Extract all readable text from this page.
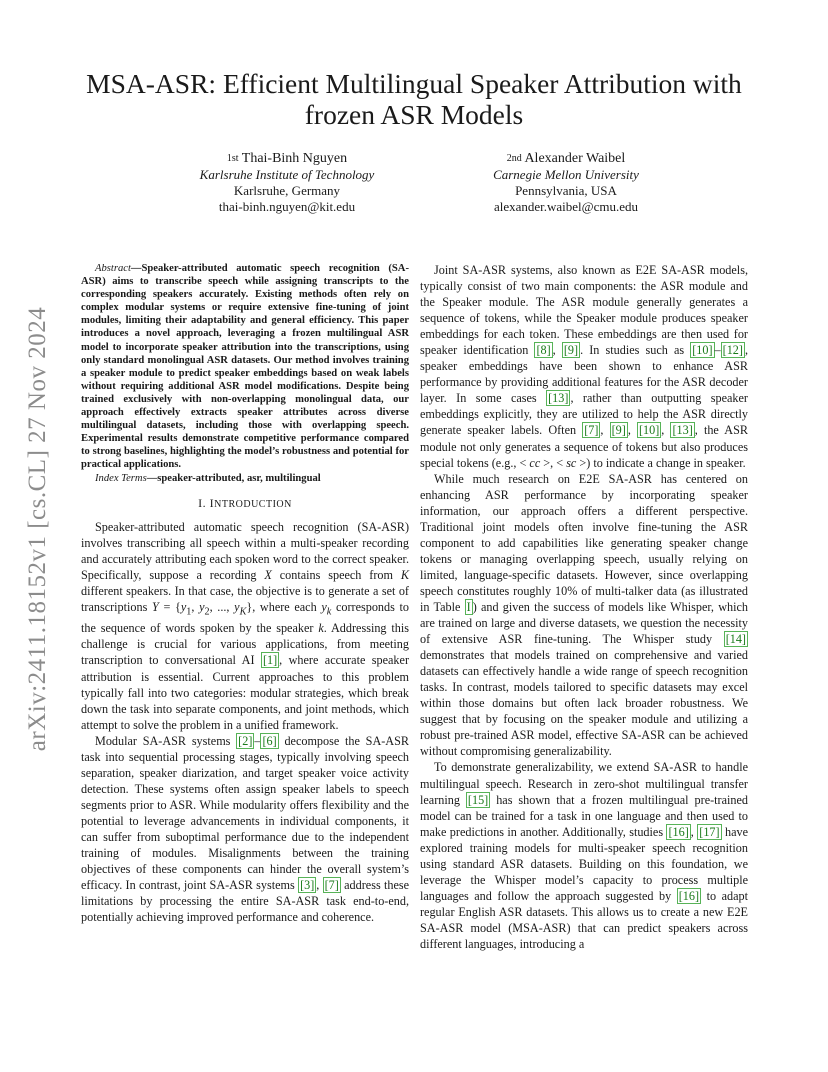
arXiv:2411.18152v1 [cs.CL] 27 Nov 2024
MSA-ASR: Efficient Multilingual Speaker Attribution with frozen ASR Models
$^{1st}$ Thai-Binh Nguyen
Karlsruhe Institute of Technology
Karlsruhe, Germany
thai-binh.nguyen@kit.edu
$^{2nd}$ Alexander Waibel
Carnegie Mellon University
Pennsylvania, USA
alexander.waibel@cmu.edu

Abstract—Speaker-attributed automatic speech recognition (SA-ASR) aims to transcribe speech while assigning transcripts to the corresponding speakers accurately. Existing methods often rely on complex modular systems or require extensive fine-tuning of joint modules, limiting their adaptability and general efficiency. This paper introduces a novel approach, leveraging a frozen multilingual ASR model to incorporate speaker attribution into the transcriptions, using only standard monolingual ASR datasets. Our method involves training a speaker module to predict speaker embeddings based on weak labels without requiring additional ASR model modifications. Despite being trained exclusively with non-overlapping monolingual data, our approach effectively extracts speaker attributes across diverse multilingual datasets, including those with overlapping speech. Experimental results demonstrate competitive performance compared to strong baselines, highlighting the model’s robustness and potential for practical applications.

Index Terms—speaker-attributed, asr, multilingual

I. INTRODUCTION

Speaker-attributed automatic speech recognition (SA-ASR) involves transcribing all speech within a multi-speaker recording and accurately attributing each spoken word to the correct speaker. Specifically, suppose a recording X contains speech from K different speakers. In that case, the objective is to generate a set of transcriptions $Y = \{y_1$, $y_2$, ..., $y_K$}, where each $y_k$ corresponds to the sequence of words spoken by the speaker k. Addressing this challenge is crucial for various applications, from meeting transcription to conversational AI [1] , where accurate speaker attribution is essential. Current approaches to this problem typically fall into two categories: modular strategies, which break down the task into separate components, and joint methods, which attempt to solve the problem in a unified framework.

Modular SA-ASR systems [2] – [6] decompose the SA-ASR task into sequential processing stages, typically involving speech separation, speaker diarization, and target speaker voice activity detection. These systems often assign speaker labels to speech segments prior to ASR. While modularity offers flexibility and the potential to leverage advancements in individual components, it can suffer from suboptimal performance due to the independent training of modules. Misalignments between the training objectives of these components can hinder the overall system’s efficacy. In contrast, joint SA-ASR systems [3] , [7] address these limitations by processing the entire SA-ASR task end-to-end, potentially achieving improved performance and coherence.

Joint SA-ASR systems, also known as E2E SA-ASR models, typically consist of two main components: the ASR module and the Speaker module. The ASR module generally generates a sequence of tokens, while the Speaker module produces speaker embeddings for each token. These embeddings are then used for speaker identification [8] , [9] . In studies such as [10] – [12] , speaker embeddings have been shown to enhance ASR performance by providing additional features for the ASR decoder layer. In some cases [13] , rather than outputting speaker embeddings explicitly, they are utilized to help the ASR directly generate speaker labels. Often [7] , [9] , [10] , [13] , the ASR module not only generates a sequence of tokens but also produces special tokens (e.g., < cc >, < sc >) to indicate a change in speaker.

While much research on E2E SA-ASR has centered on enhancing ASR performance by incorporating speaker information, our approach offers a different perspective. Traditional joint models often involve fine-tuning the ASR component to add capabilities like generating speaker change tokens or managing overlapping speech, usually relying on limited, language-specific datasets. However, since overlapping speech constitutes roughly 10% of multi-talker data (as illustrated in Table I ) and given the success of models like Whisper, which are trained on large and diverse datasets, we question the necessity of extensive ASR fine-tuning. The Whisper study [14] demonstrates that models trained on comprehensive and varied datasets can effectively handle a wide range of speech recognition tasks. In contrast, models tailored to specific datasets may excel within those domains but often lack broader robustness. We suggest that by focusing on the speaker module and utilizing a robust pre-trained ASR model, effective SA-ASR can be achieved without compromising generalizability.

To demonstrate generalizability, we extend SA-ASR to handle multilingual speech. Research in zero-shot multilingual transfer learning [15] has shown that a frozen multilingual pre-trained model can be trained for a task in one language and then used to make predictions in another. Additionally, studies [16] , [17] have explored training models for multi-speaker speech recognition using standard ASR datasets. Building on this foundation, we leverage the Whisper model’s capacity to process multiple languages and follow the approach suggested by [16] to adapt regular English ASR datasets. This allows us to create a new E2E SA-ASR model (MSA-ASR) that can predict speakers across different languages, introducing a
